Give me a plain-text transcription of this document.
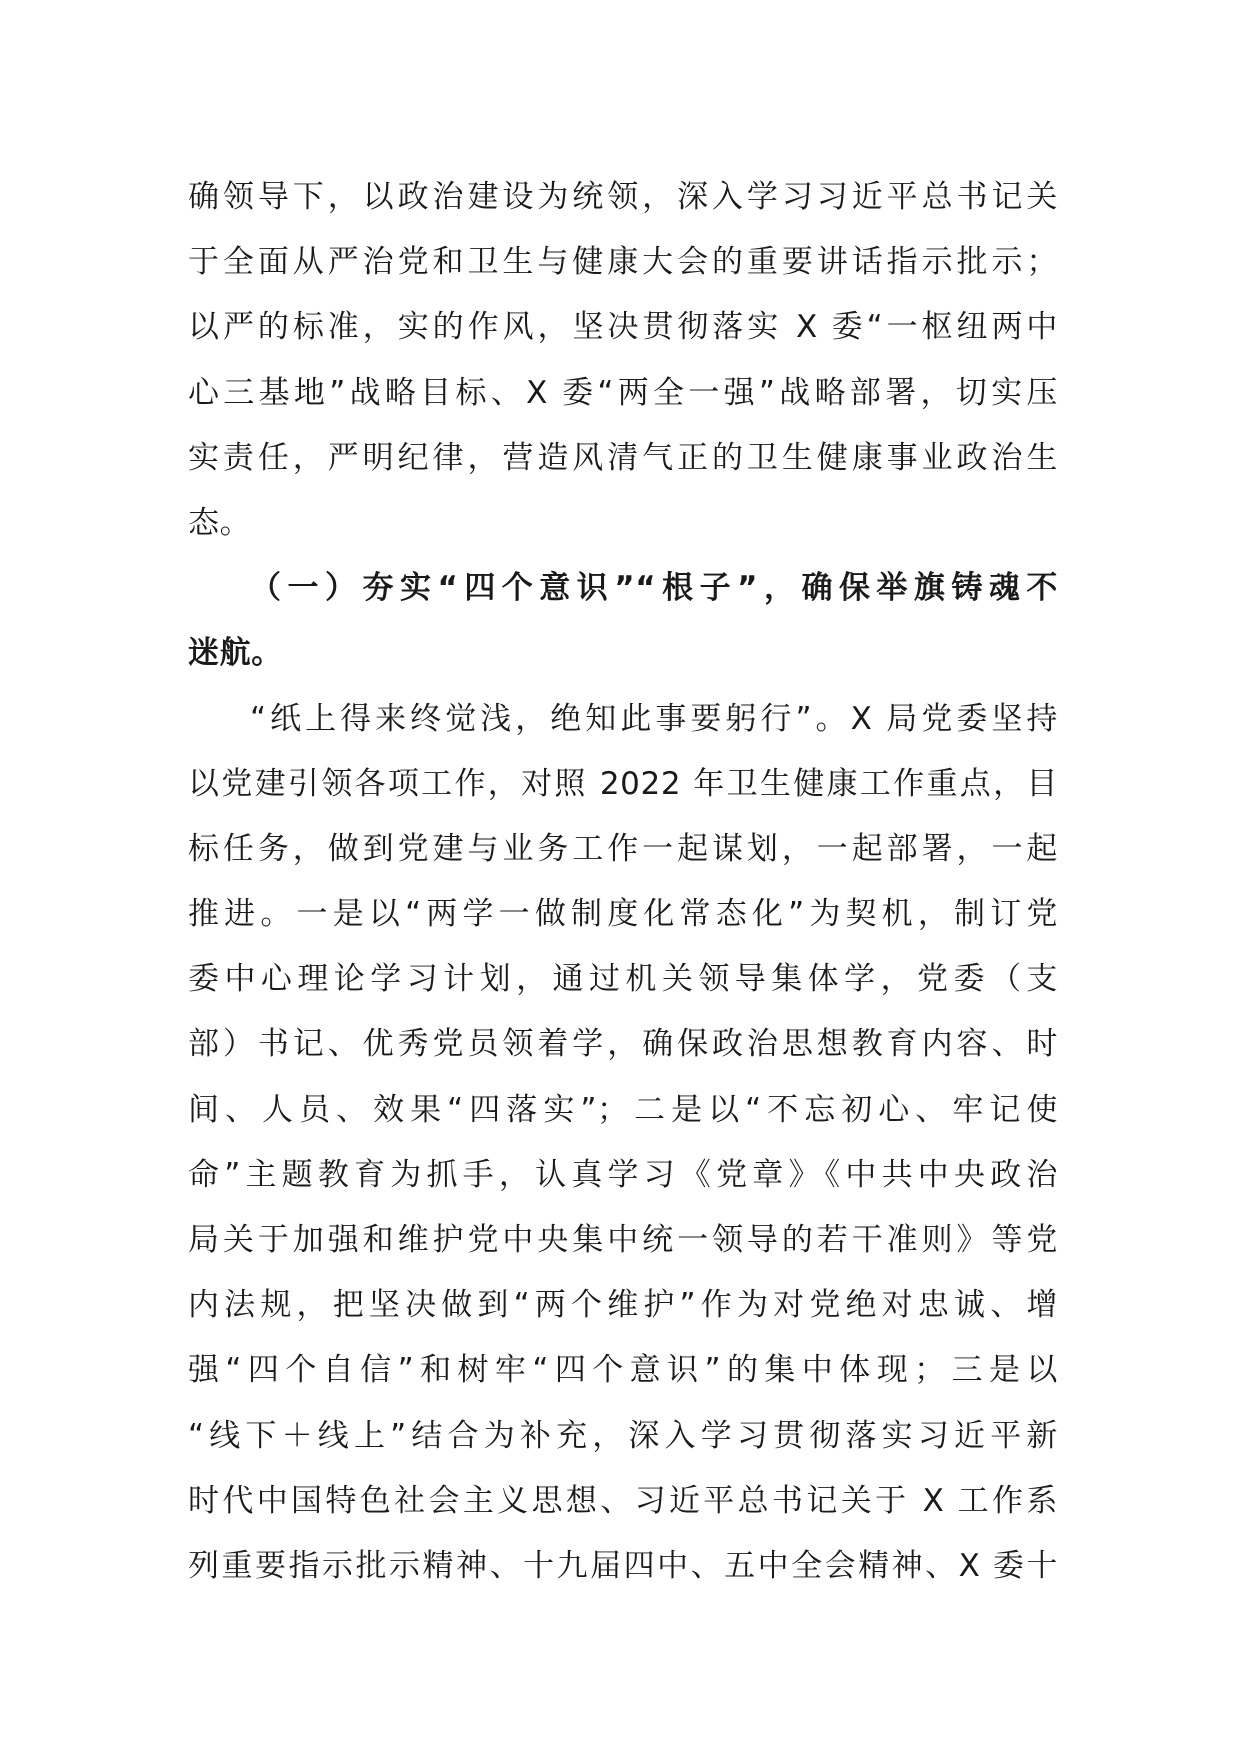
确领导下，以政治建设为统领，深入学习习近平总书记关
于全面从严治党和卫生与健康大会的重要讲话指示批示；
以严的标准，实的作风，坚决贯彻落实 X 委“一枢纽两中
心三基地”战略目标、X 委“两全一强”战略部署，切实压
实责任，严明纪律，营造风清气正的卫生健康事业政治生
态。
（一）夯实“四个意识”“根子”，确保举旗铸魂不
迷航。
“纸上得来终觉浅，绝知此事要躬行”。X 局党委坚持
以党建引领各项工作，对照 2022 年卫生健康工作重点，目
标任务，做到党建与业务工作一起谋划，一起部署，一起
推进。一是以“两学一做制度化常态化”为契机，制订党
委中心理论学习计划，通过机关领导集体学，党委（支
部）书记、优秀党员领着学，确保政治思想教育内容、时
间、人员、效果“四落实”；二是以“不忘初心、牢记使
命”主题教育为抓手，认真学习《党章》《中共中央政治
局关于加强和维护党中央集中统一领导的若干准则》等党
内法规，把坚决做到“两个维护”作为对党绝对忠诚、增
强“四个自信”和树牢“四个意识”的集中体现；三是以
“线下＋线上”结合为补充，深入学习贯彻落实习近平新
时代中国特色社会主义思想、习近平总书记关于 X 工作系
列重要指示批示精神、十九届四中、五中全会精神、X 委十
